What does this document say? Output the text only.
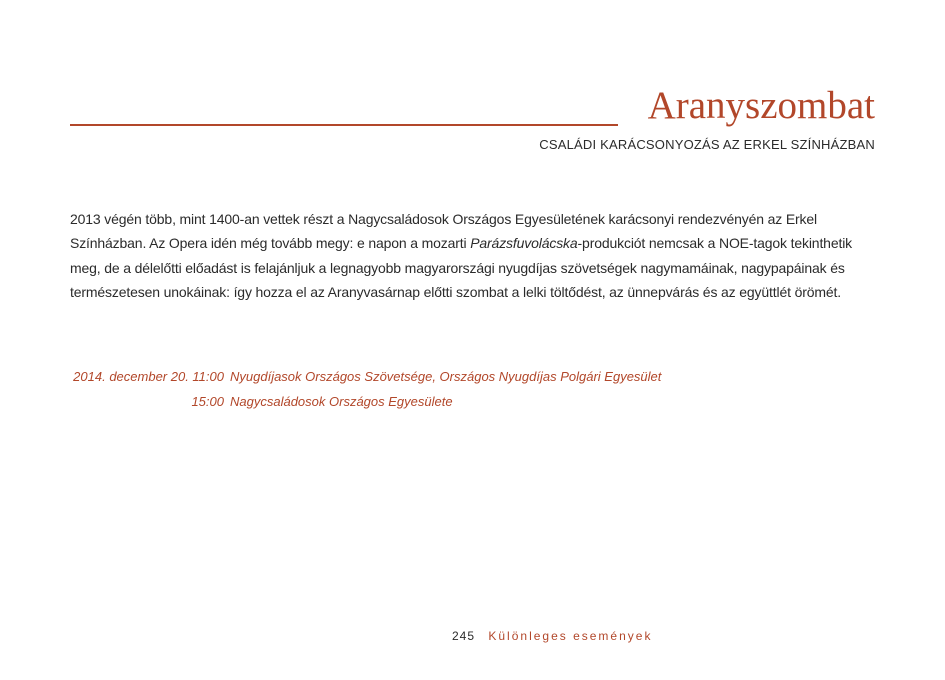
Aranyszombat
CSALÁDI KARÁCSONYOZÁS AZ ERKEL SZÍNHÁZBAN
2013 végén több, mint 1400-an vettek részt a Nagycsaládosok Országos Egyesületének karácsonyi rendezvényén az Erkel Színházban. Az Opera idén még tovább megy: e napon a mozarti Parázsfuvolácska-produkciót nemcsak a NOE-tagok tekinthetik meg, de a délelőtti előadást is felajánljuk a legnagyobb magyarországi nyugdíjas szövetségek nagymamáinak, nagypapáinak és természetesen unokáinak: így hozza el az Aranyvasárnap előtti szombat a lelki töltődést, az ünnepvárás és az együttlét örömét.
2014. december 20. 11:00 Nyugdíjasok Országos Szövetsége, Országos Nyugdíjas Polgári Egyesület
15:00 Nagycsaládosok Országos Egyesülete
245 Különleges események
